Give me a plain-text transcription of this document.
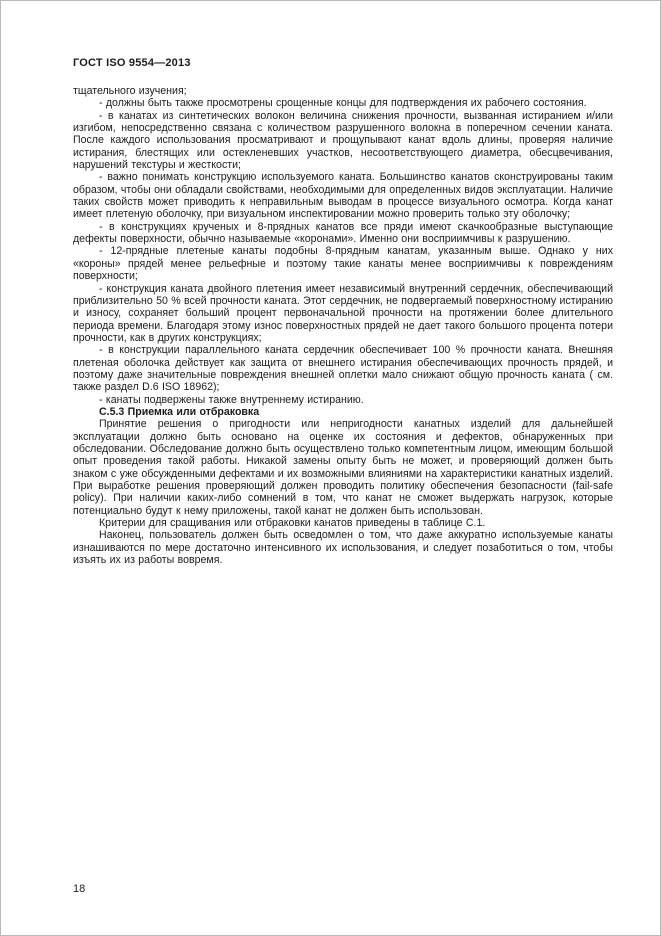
ГОСТ ISO 9554—2013

тщательного изучения;

- должны быть также просмотрены срощенные концы для подтверждения их рабочего состояния.

- в канатах из синтетических волокон величина снижения прочности, вызванная истиранием и/или изгибом, непосредственно связана с количеством разрушенного волокна в поперечном сечении каната. После каждого использования просматривают и прощупывают канат вдоль длины, проверяя наличие истирания, блестящих или остекленевших участков, несоответствующего диаметра, обесцвечивания, нарушений текстуры и жесткости;

- важно понимать конструкцию используемого каната. Большинство канатов сконструированы таким образом, чтобы они обладали свойствами, необходимыми для определенных видов эксплуатации. Наличие таких свойств может приводить к неправильным выводам в процессе визуального осмотра. Когда канат имеет плетеную оболочку, при визуальном инспектировании можно проверить только эту оболочку;

- в конструкциях крученых и 8-прядных канатов все пряди имеют скачкообразные выступающие дефекты поверхности, обычно называемые «коронами». Именно они восприимчивы к разрушению.

- 12-прядные плетеные канаты подобны 8-прядным канатам, указанным выше. Однако у них «короны» прядей менее рельефные и поэтому такие канаты менее восприимчивы к повреждениям поверхности;

- конструкция каната двойного плетения имеет независимый внутренний сердечник, обеспечивающий приблизительно 50 % всей прочности каната. Этот сердечник, не подвергаемый поверхностному истиранию и износу, сохраняет больший процент первоначальной прочности на протяжении более длительного периода времени. Благодаря этому износ поверхностных прядей не дает такого большого процента потери прочности, как в других конструкциях;

- в конструкции параллельного каната сердечник обеспечивает 100 % прочности каната. Внешняя плетеная оболочка действует как защита от внешнего истирания обеспечивающих прочность прядей, и поэтому даже значительные повреждения внешней оплетки мало снижают общую прочность каната ( см. также раздел D.6 ISO 18962);

- канаты подвержены также внутреннему истиранию.

С.5.3 Приемка или отбраковка

Принятие решения о пригодности или непригодности канатных изделий для дальнейшей эксплуатации должно быть основано на оценке их состояния и дефектов, обнаруженных при обследовании. Обследование должно быть осуществлено только компетентным лицом, имеющим большой опыт проведения такой работы. Никакой замены опыту быть не может, и проверяющий должен быть знаком с уже обсужденными дефектами и их возможными влияниями на характеристики канатных изделий. При выработке решения проверяющий должен проводить политику обеспечения безопасности (fail-safe policy). При наличии каких-либо сомнений в том, что канат не сможет выдержать нагрузок, которые потенциально будут к нему приложены, такой канат не должен быть использован.

Критерии для сращивания или отбраковки канатов приведены в таблице С.1.

Наконец, пользователь должен быть осведомлен о том, что даже аккуратно используемые канаты изнашиваются по мере достаточно интенсивного их использования, и следует позаботиться о том, чтобы изъять их из работы вовремя.

18
